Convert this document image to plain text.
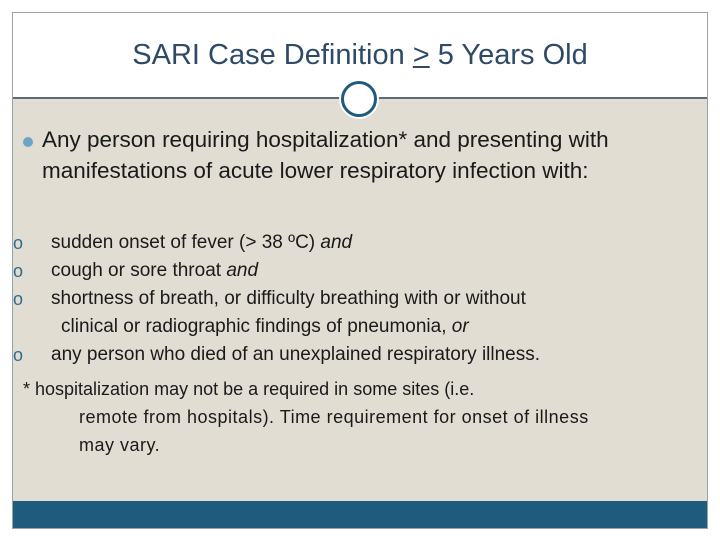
SARI Case Definition > 5 Years Old
Any person requiring hospitalization* and presenting with manifestations of acute lower respiratory infection with:
o	sudden onset of fever (> 38 ºC) and
o	cough or sore throat and
o	shortness of breath, or difficulty breathing with or without
clinical or radiographic findings of pneumonia, or
o	any person who died of an unexplained respiratory illness.
* hospitalization may not be a required in some sites (i.e.
remote from hospitals). Time requirement for onset of illness
may vary.
